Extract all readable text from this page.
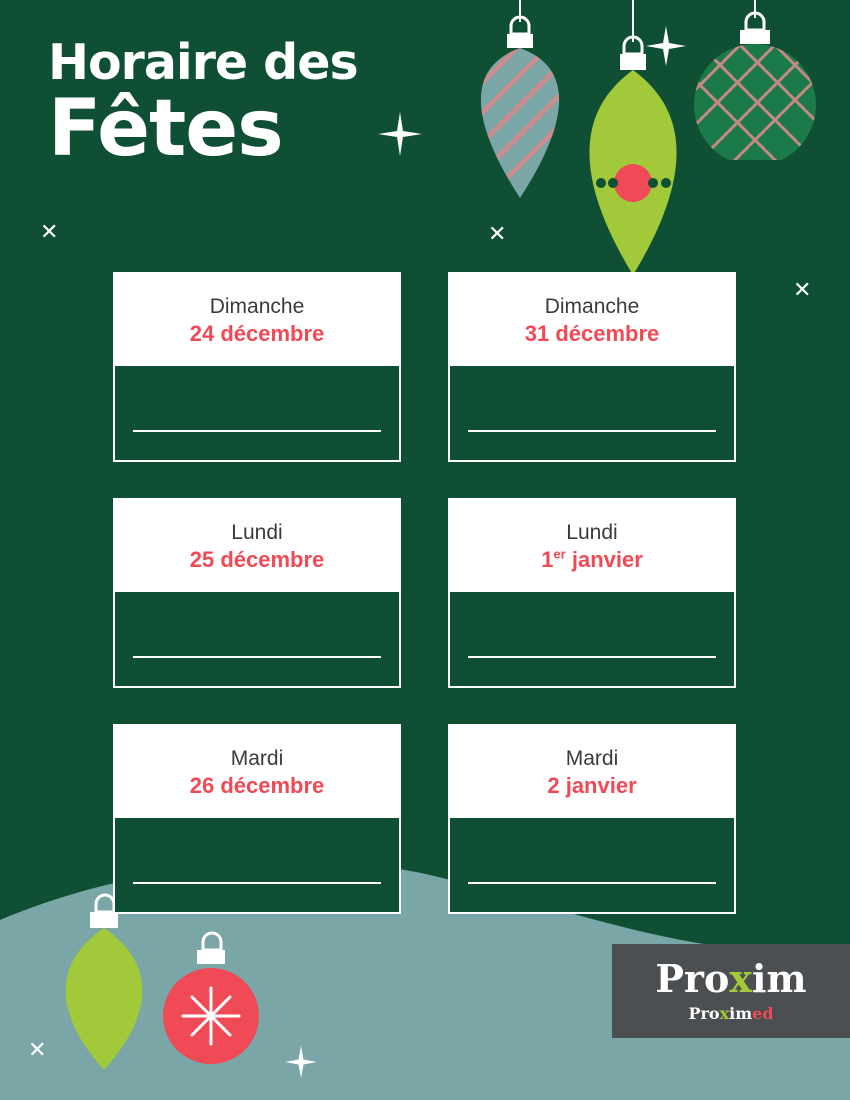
Horaire des
Fêtes
✕	✕
✕
✕
Dimanche
24 décembre
Dimanche
31 décembre
Lundi
25 décembre
Lundi
1er janvier
Mardi
26 décembre
Mardi
2 janvier
Proxim
Proximed
